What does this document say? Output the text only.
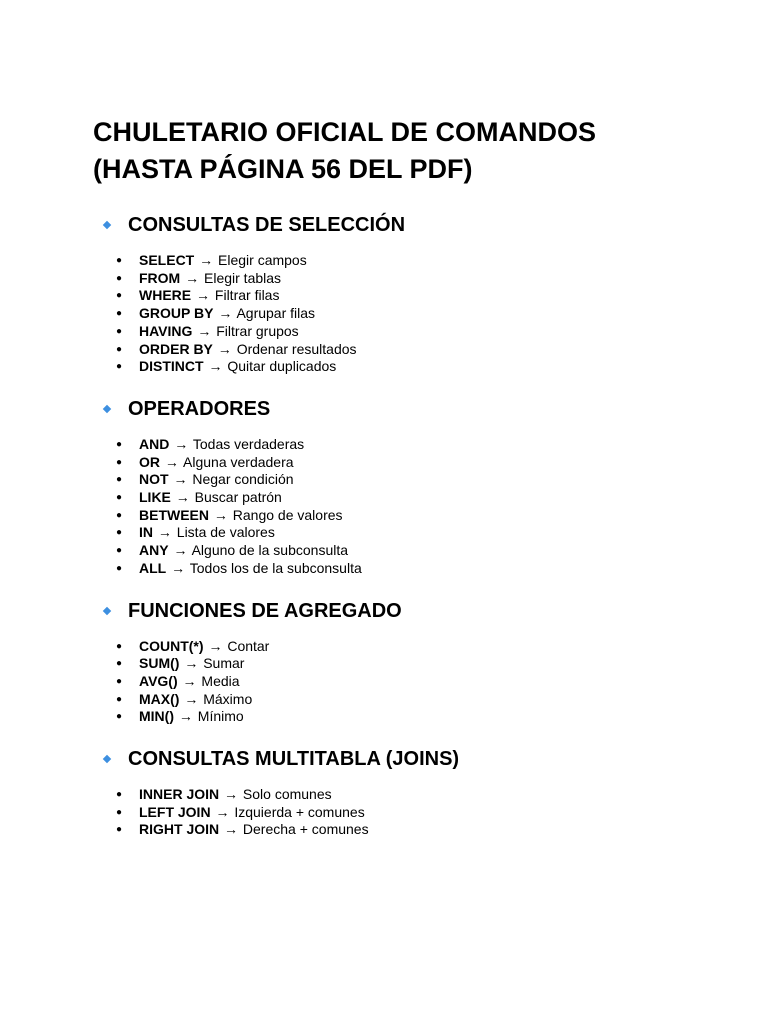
CHULETARIO OFICIAL DE COMANDOS
(HASTA PÁGINA 56 DEL PDF)
CONSULTAS DE SELECCIÓN
● SELECT → Elegir campos
● FROM → Elegir tablas
● WHERE → Filtrar filas
● GROUP BY → Agrupar filas
● HAVING → Filtrar grupos
● ORDER BY → Ordenar resultados
● DISTINCT → Quitar duplicados
OPERADORES
● AND → Todas verdaderas
● OR → Alguna verdadera
● NOT → Negar condición
● LIKE → Buscar patrón
● BETWEEN → Rango de valores
● IN → Lista de valores
● ANY → Alguno de la subconsulta
● ALL → Todos los de la subconsulta
FUNCIONES DE AGREGADO
● COUNT(*) → Contar
● SUM() → Sumar
● AVG() → Media
● MAX() → Máximo
● MIN() → Mínimo
CONSULTAS MULTITABLA (JOINS)
● INNER JOIN → Solo comunes
● LEFT JOIN → Izquierda + comunes
● RIGHT JOIN → Derecha + comunes
